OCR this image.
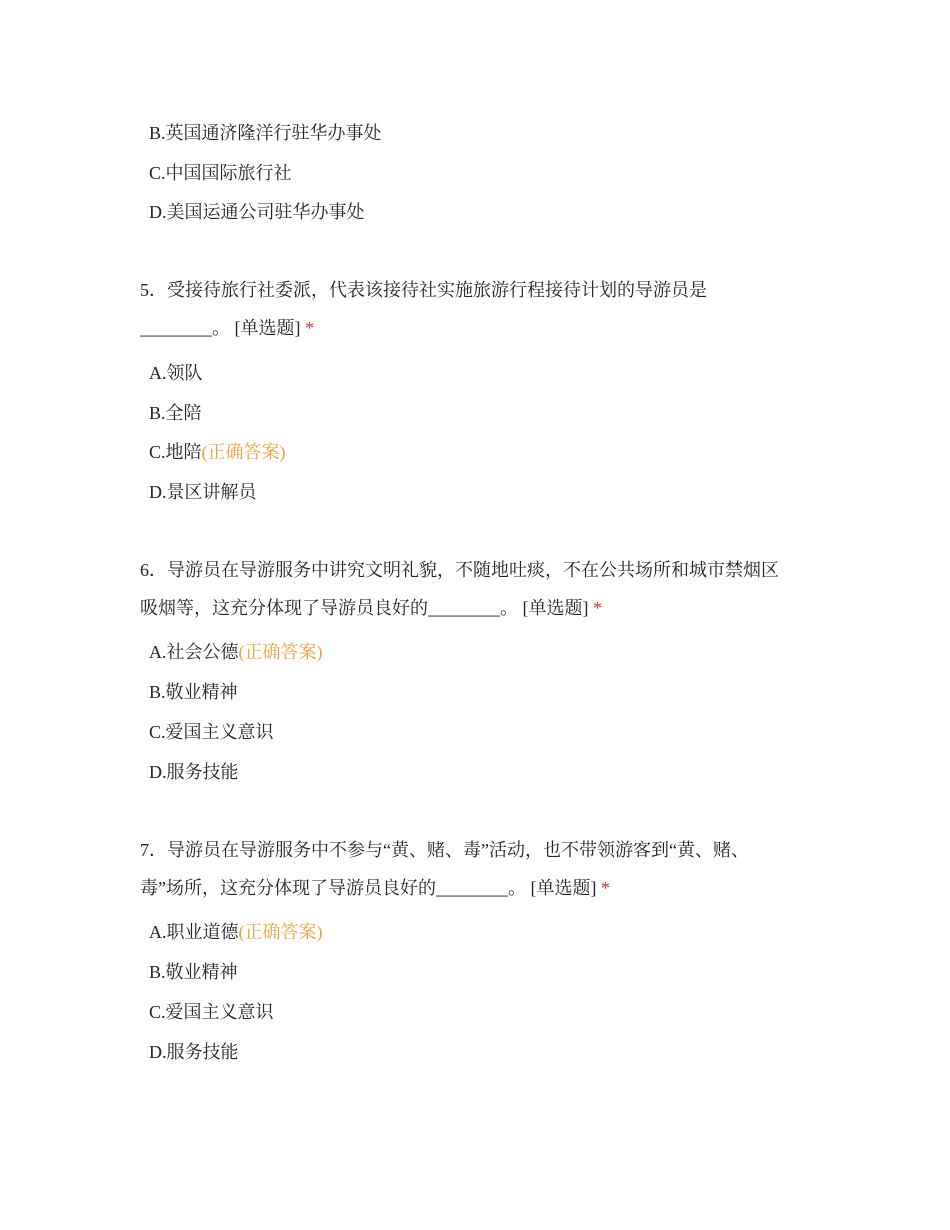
B.英国通济隆洋行驻华办事处
C.中国国际旅行社
D.美国运通公司驻华办事处
5．受接待旅行社委派，代表该接待社实施旅游行程接待计划的导游员是
________。 [单选题] *
A.领队
B.全陪
C.地陪(正确答案)
D.景区讲解员
6．导游员在导游服务中讲究文明礼貌，不随地吐痰，不在公共场所和城市禁烟区
吸烟等，这充分体现了导游员良好的________。 [单选题] *
A.社会公德(正确答案)
B.敬业精神
C.爱国主义意识
D.服务技能
7．导游员在导游服务中不参与“黄、赌、毒”活动，也不带领游客到“黄、赌、
毒”场所，这充分体现了导游员良好的________。 [单选题] *
A.职业道德(正确答案)
B.敬业精神
C.爱国主义意识
D.服务技能
